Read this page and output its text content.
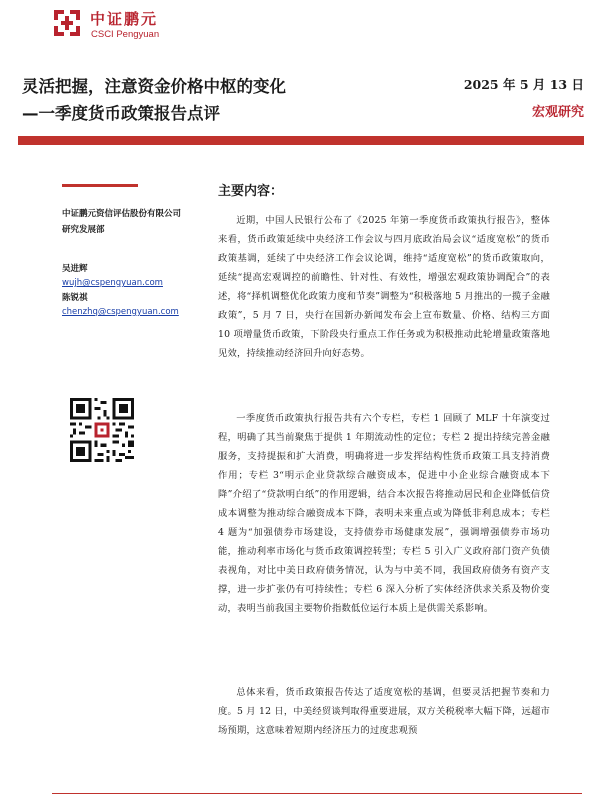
中证鹏元
CSCI Pengyuan
灵活把握，注意资金价格中枢的变化
—一季度货币政策报告点评
2025 年 5 月 13 日
宏观研究
中证鹏元资信评估股份有限公司
研究发展部
吴进辉
wujh@cspengyuan.com
陈锐祺
chenzhq@cspengyuan.com
主要内容：
近期，中国人民银行公布了《2025 年第一季度货币政策执行报告》，整体来看，货币政策延续中央经济工作会议与四月底政治局会议“适度宽松”的货币政策基调，延续了中央经济工作会议论调，维持“适度宽松”的货币政策取向，延续“提高宏观调控的前瞻性、针对性、有效性，增强宏观政策协调配合”的表述，将“择机调整优化政策力度和节奏”调整为“积极落地 5 月推出的一揽子金融政策”，5 月 7 日，央行在国新办新闻发布会上宣布数量、价格、结构三方面 10 项增量货币政策，下阶段央行重点工作任务或为积极推动此轮增量政策落地见效，持续推动经济回升向好态势。
一季度货币政策执行报告共有六个专栏，专栏 1 回顾了 MLF 十年演变过程，明确了其当前聚焦于提供 1 年期流动性的定位；专栏 2 提出持续完善金融服务，支持提振和扩大消费，明确将进一步发挥结构性货币政策工具支持消费作用；专栏 3“明示企业贷款综合融资成本，促进中小企业综合融资成本下降”介绍了“贷款明白纸”的作用逻辑，结合本次报告将推动居民和企业降低信贷成本调整为推动综合融资成本下降，表明未来重点或为降低非利息成本；专栏 4 题为“加强债券市场建设，支持债券市场健康发展”，强调增强债券市场功能，推动利率市场化与货币政策调控转型；专栏 5 引入广义政府部门资产负债表视角，对比中美日政府债务情况，认为与中美不同，我国政府债务有资产支撑，进一步扩张仍有可持续性；专栏 6 深入分析了实体经济供求关系及物价变动，表明当前我国主要物价指数低位运行本质上是供需关系影响。
总体来看，货币政策报告传达了适度宽松的基调，但要灵活把握节奏和力度。5 月 12 日，中美经贸谈判取得重要进展，双方关税税率大幅下降，远超市场预期，这意味着短期内经济压力的过度悲观预
